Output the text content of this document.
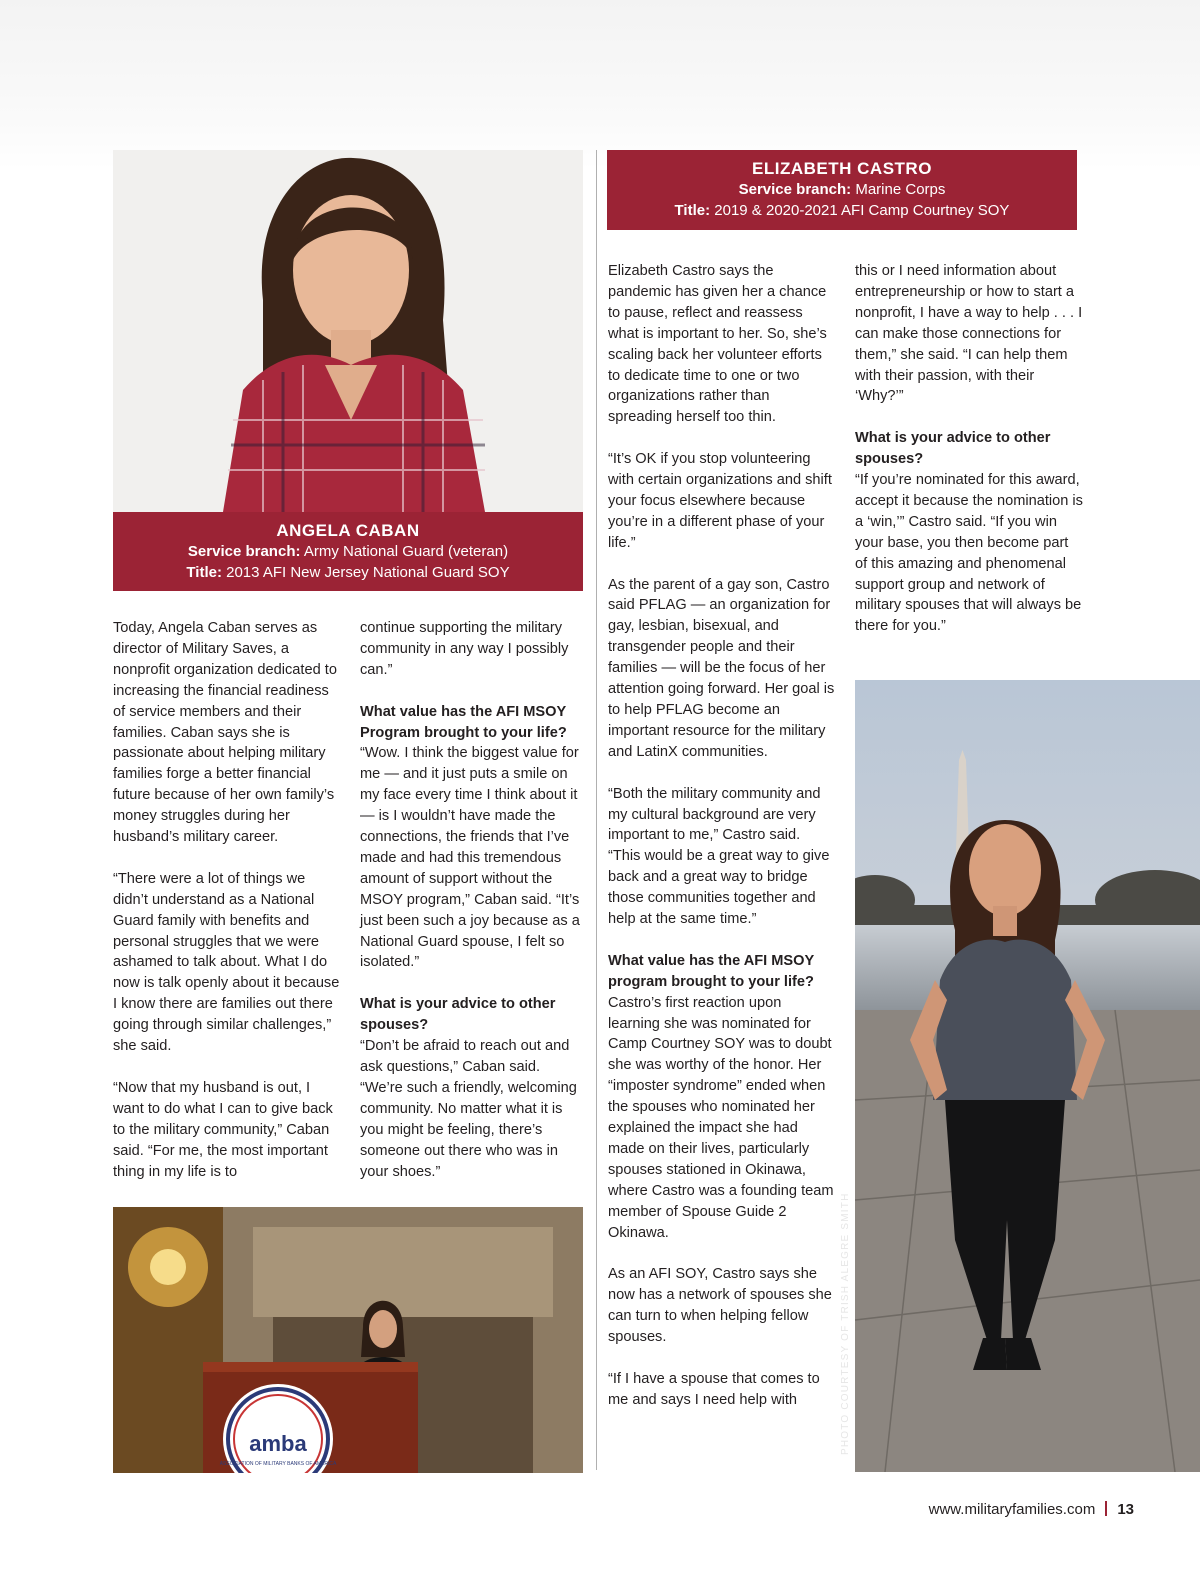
ANGELA CABAN
Service branch: Army National Guard (veteran)
Title: 2013 AFI New Jersey National Guard SOY

Today, Angela Caban serves as director of Military Saves, a nonprofit organization dedicated to increasing the financial readiness of service members and their families. Caban says she is passionate about helping military families forge a better financial future because of her own family’s money struggles during her husband’s military career.

“There were a lot of things we didn’t understand as a National Guard family with benefits and personal struggles that we were ashamed to talk about. What I do now is talk openly about it because I know there are families out there going through similar challenges,” she said.

“Now that my husband is out, I want to do what I can to give back to the military community,” Caban said. “For me, the most important thing in my life is to

continue supporting the military community in any way I possibly can.”

What value has the AFI MSOY Program brought to your life?

“Wow. I think the biggest value for me — and it just puts a smile on my face every time I think about it — is I wouldn’t have made the connections, the friends that I’ve made and had this tremendous amount of support without the MSOY program,” Caban said. “It’s just been such a joy because as a National Guard spouse, I felt so isolated.”

What is your advice to other spouses?

“Don’t be afraid to reach out and ask questions,” Caban said. “We’re such a friendly, welcoming community. No matter what it is you might be feeling, there’s someone out there who was in your shoes.”

amba
ASSOCIATION OF MILITARY BANKS OF AMERICA
ELIZABETH CASTRO
Service branch: Marine Corps
Title: 2019 & 2020-2021 AFI Camp Courtney SOY

Elizabeth Castro says the pandemic has given her a chance to pause, reflect and reassess what is important to her. So, she’s scaling back her volunteer efforts to dedicate time to one or two organizations rather than spreading herself too thin.

“It’s OK if you stop volunteering with certain organizations and shift your focus elsewhere because you’re in a different phase of your life.”

As the parent of a gay son, Castro said PFLAG — an organization for gay, lesbian, bisexual, and transgender people and their families — will be the focus of her attention going forward. Her goal is to help PFLAG become an important resource for the military and LatinX communities.

“Both the military community and my cultural background are very important to me,” Castro said. “This would be a great way to give back and a great way to bridge those communities together and help at the same time.”

What value has the AFI MSOY program brought to your life?

Castro’s first reaction upon learning she was nominated for Camp Courtney SOY was to doubt she was worthy of the honor. Her “imposter syndrome” ended when the spouses who nominated her explained the impact she had made on their lives, particularly spouses stationed in Okinawa, where Castro was a founding team member of Spouse Guide 2 Okinawa.

As an AFI SOY, Castro says she now has a network of spouses she can turn to when helping fellow spouses.

“If I have a spouse that comes to me and says I need help with

this or I need information about entrepreneurship or how to start a nonprofit, I have a way to help . . . I can make those connections for them,” she said. “I can help them with their passion, with their ‘Why?’”

What is your advice to other spouses?

“If you’re nominated for this award, accept it because the nomination is a ‘win,’” Castro said. “If you win your base, you then become part of this amazing and phenomenal support group and network of military spouses that will always be there for you.”

PHOTO COURTESY OF TRISH ALEGRE SMITH
www.militaryfamilies.com 13
